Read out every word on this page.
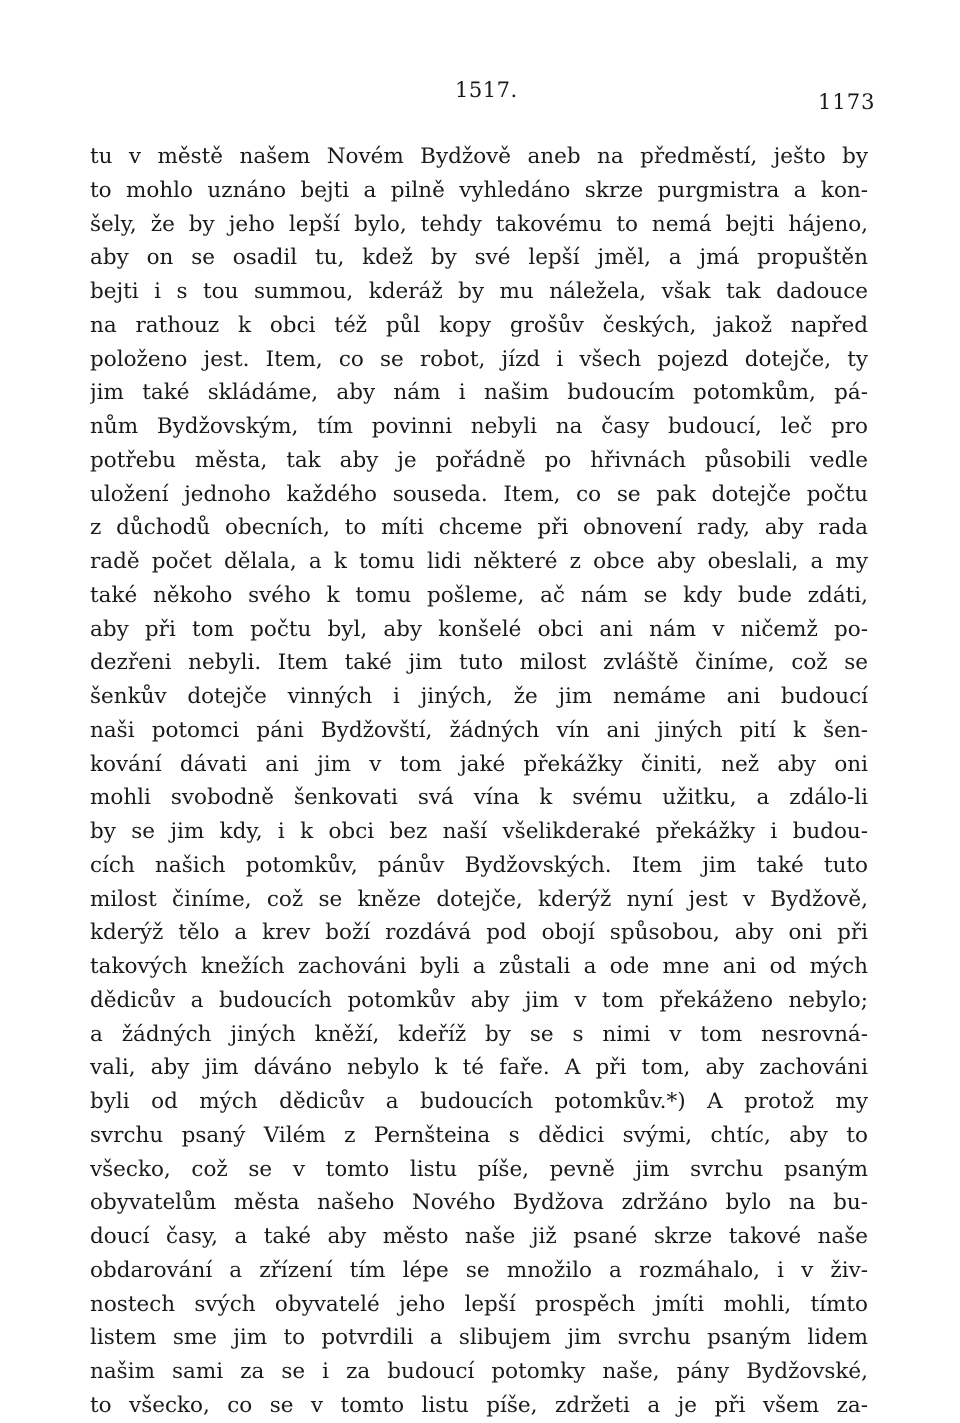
1517.	1173
tu v městě našem Novém Bydžově aneb na předměstí, ješto by
to mohlo uznáno bejti a pilně vyhledáno skrze purgmistra a kon-
šely, že by jeho lepší bylo, tehdy takovému to nemá bejti háјeno,
aby on se osadil tu, kdež by své lepší jměl, a jmá propuštěn
bejti i s tou summou, kderáž by mu náležela, však tak dadouce
na rathouz k obci též půl kopy grošův českých, jakož napřed
položeno jest. Item, co se robot, jízd i všech pojezd dotejče, ty
jim také skládáme, aby nám i našim budoucím potomkům, pá-
nům Bydžovským, tím povinni nebyli na časy budoucí, leč pro
potřebu města, tak aby je pořádně po hřivnách působili vedle
uložení jednoho každého souseda. Item, co se pak dotejče počtu
z důchodů obecních, to míti chceme při obnovení rady, aby rada
radě počet dělala, a k tomu lidi některé z obce aby obeslali, a my
také někoho svého k tomu pošleme, ač nám se kdy bude zdáti,
aby při tom počtu byl, aby konšelé obci ani nám v ničemž po-
dezřeni nebyli. Item také jim tuto milost zvláště činíme, což se
šenkův dotejče vinných i jiných, že jim nemáme ani budoucí
naši potomci páni Bydžovští, žádných vín ani jiných pití k šen-
kování dávati ani jim v tom jaké překážky činiti, než aby oni
mohli svobodně šenkovati svá vína k svému užitku, a zdálo-li
by se jim kdy, i k obci bez naší všelikderaké překážky i budou-
cích našich potomkův, pánův Bydžovských. Item jim také tuto
milost činíme, což se kněze dotejče, kderýž nyní jest v Bydžově,
kderýž tělo a krev boží rozdává pod obojí spůsobou, aby oni při
takových knežích zachováni byli a zůstali a ode mne ani od mých
dědicův a budoucích potomkův aby jim v tom překáženo nebylo;
a žádných jiných kněží, kdeříž by se s nimi v tom nesrovná-
vali, aby jim dáváno nebylo k té faře. A při tom, aby zachováni
byli od mých dědicův a budoucích potomkův.*) A protož my
svrchu psaný Vilém z Pernšteina s dědici svými, chtíc, aby to
všecko, což se v tomto listu píše, pevně jim svrchu psaným
obyvatelům města našeho Nového Bydžova zdržáno bylo na bu-
doucí časy, a také aby město naše již psané skrze takové naše
obdarování a zřízení tím lépe se množilo a rozmáhalo, i v živ-
nostech svých obyvatelé jeho lepší prospěch jmíti mohli, tímto
listem sme jim to potvrdili a slibujem jim svrchu psaným lidem
našim sami za se i za budoucí potomky naše, pány Bydžovské,
to všecko, co se v tomto listu píše, zdržeti a je při všem za-
